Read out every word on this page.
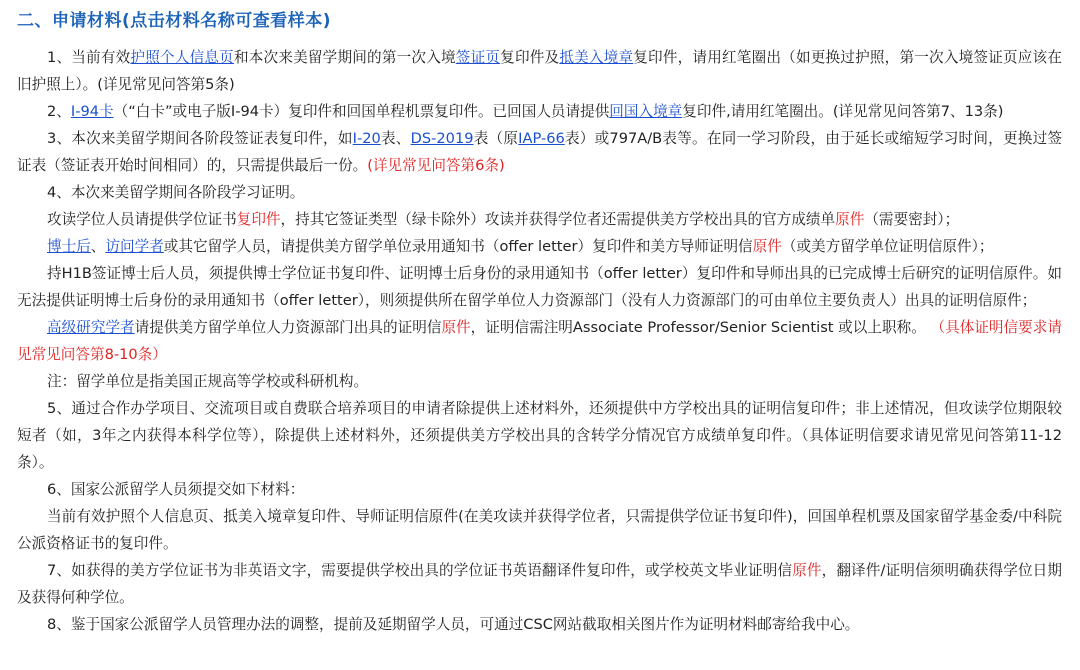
二、申请材料(点击材料名称可查看样本)

1、当前有效护照个人信息页和本次来美留学期间的第一次入境签证页复印件及抵美入境章复印件，请用红笔圈出（如更换过护照，第一次入境签证页应该在旧护照上）。(详见常见问答第5条)

2、I-94卡（“白卡”或电子版I-94卡）复印件和回国单程机票复印件。已回国人员请提供回国入境章复印件,请用红笔圈出。(详见常见问答第7、13条)

3、本次来美留学期间各阶段签证表复印件，如I-20表、DS-2019表（原IAP-66表）或797A/B表等。在同一学习阶段，由于延长或缩短学习时间，更换过签证表（签证表开始时间相同）的，只需提供最后一份。(详见常见问答第6条)

4、本次来美留学期间各阶段学习证明。

攻读学位人员请提供学位证书复印件，持其它签证类型（绿卡除外）攻读并获得学位者还需提供美方学校出具的官方成绩单原件（需要密封）；

博士后、访问学者或其它留学人员，请提供美方留学单位录用通知书（offer letter）复印件和美方导师证明信原件（或美方留学单位证明信原件）；

持H1B签证博士后人员，须提供博士学位证书复印件、证明博士后身份的录用通知书（offer letter）复印件和导师出具的已完成博士后研究的证明信原件。如无法提供证明博士后身份的录用通知书（offer letter），则须提供所在留学单位人力资源部门（没有人力资源部门的可由单位主要负责人）出具的证明信原件；

高级研究学者请提供美方留学单位人力资源部门出具的证明信原件，证明信需注明Associate Professor/Senior Scientist 或以上职称。 （具体证明信要求请见常见问答第8-10条）

注：留学单位是指美国正规高等学校或科研机构。

5、通过合作办学项目、交流项目或自费联合培养项目的申请者除提供上述材料外，还须提供中方学校出具的证明信复印件；非上述情况，但攻读学位期限较短者（如，3年之内获得本科学位等），除提供上述材料外，还须提供美方学校出具的含转学分情况官方成绩单复印件。（具体证明信要求请见常见问答第11-12条）。

6、国家公派留学人员须提交如下材料：

当前有效护照个人信息页、抵美入境章复印件、导师证明信原件(在美攻读并获得学位者，只需提供学位证书复印件)，回国单程机票及国家留学基金委/中科院公派资格证书的复印件。

7、如获得的美方学位证书为非英语文字，需要提供学校出具的学位证书英语翻译件复印件，或学校英文毕业证明信原件，翻译件/证明信须明确获得学位日期及获得何种学位。

8、鉴于国家公派留学人员管理办法的调整，提前及延期留学人员，可通过CSC网站截取相关图片作为证明材料邮寄给我中心。
